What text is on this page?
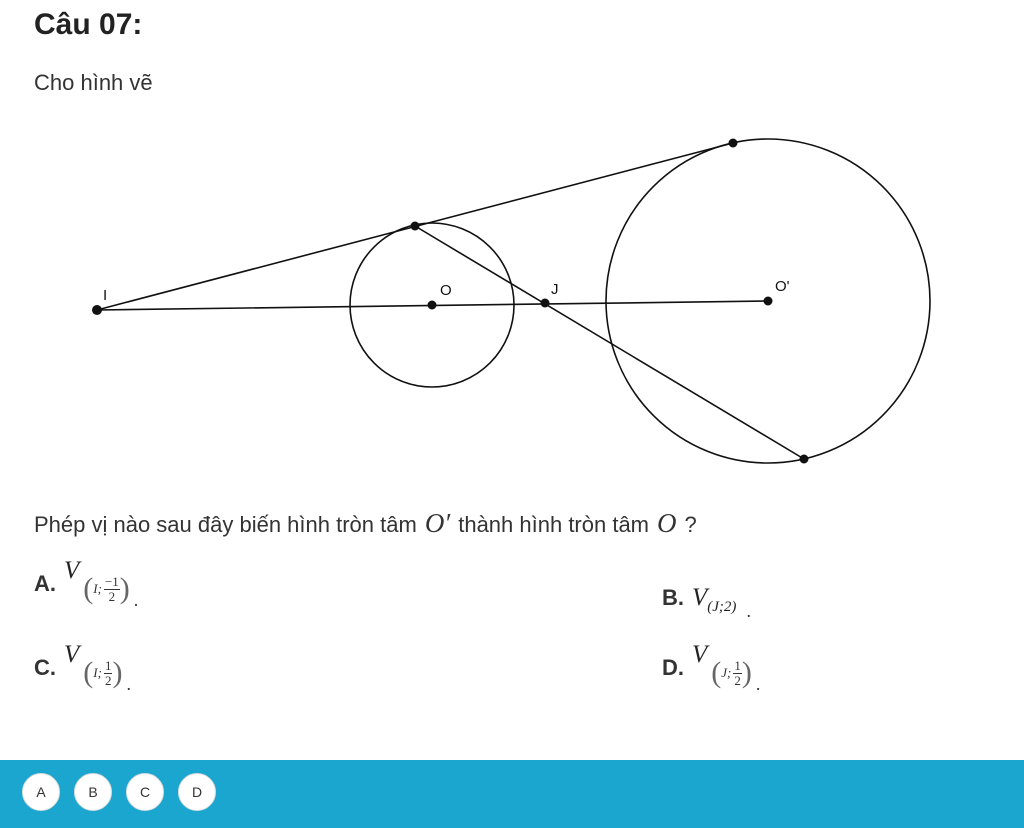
Câu 07:
Cho hình vẽ
I	O	J	O'
Phép vị nào sau đây biến hình tròn tâm O′ thành hình tròn tâm O ?
A. V
( I; $\frac{-1}{2}$ ) .	B. V(J;2) .
C. V
( I; $\frac{1}{2}$ ) .
D. V
( J; $\frac{1}{2}$ ) .
A	B	C	D
